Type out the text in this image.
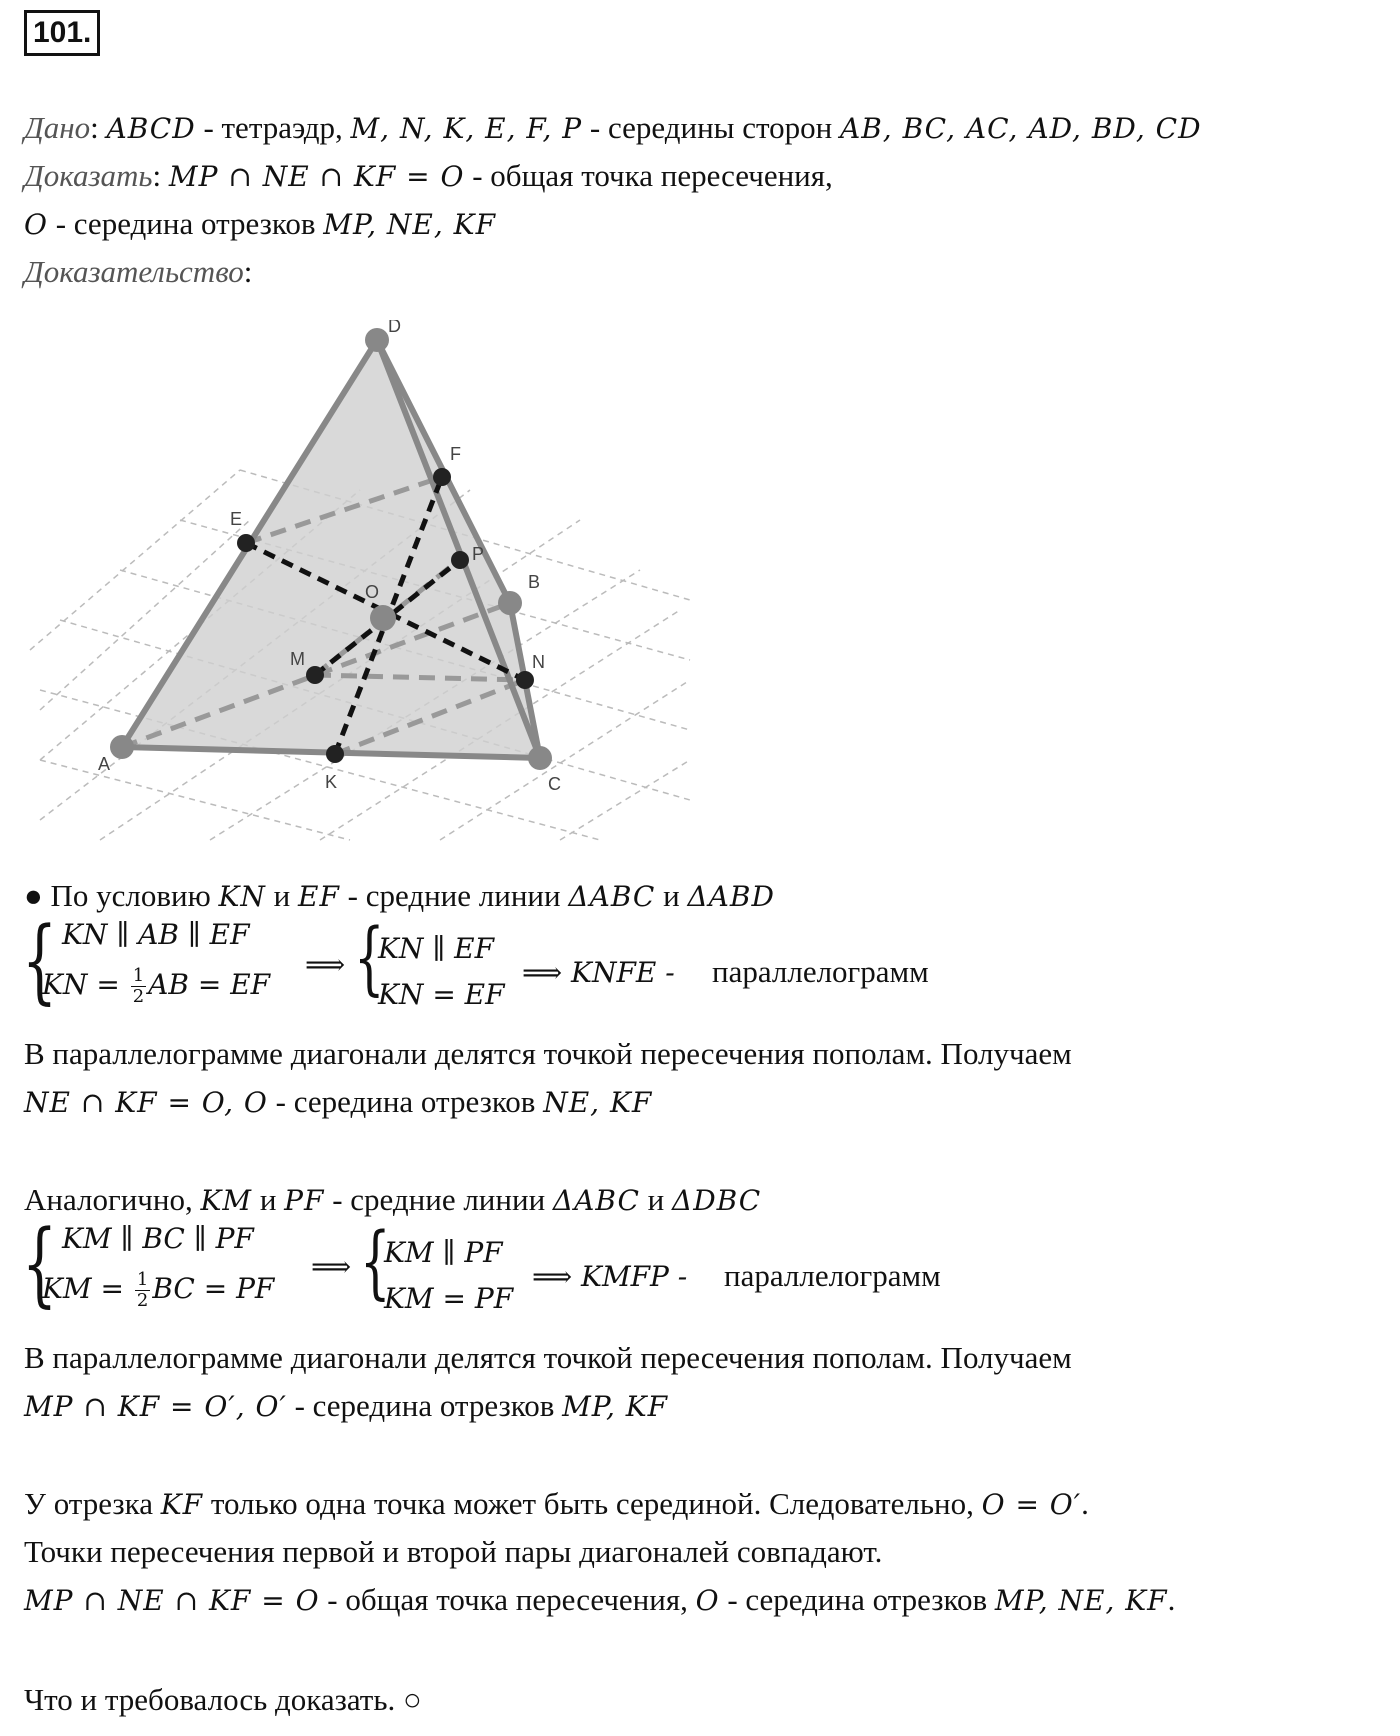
101.
Дано: ABCD - тетраэдр, M, N, K, E, F, P - середины сторон AB, BC, AC, AD, BD, CD
Доказать: MP ∩ NE ∩ KF = O - общая точка пересечения,
O - середина отрезков MP, NE, KF
Доказательство:
D
F
E
P
B
O
M	N
A
K	C
● По условию KN и EF - средние линии ΔABC и ΔABD
{ KN ∥ AB ∥ EF
KN = $\frac{1}{2}$ AB = EF
⟹ {
KN ∥ EF
KN = EF
⟹ KNFE - параллелограмм
В параллелограмме диагонали делятся точкой пересечения пополам. Получаем
NE ∩ KF = O, O - середина отрезков NE, KF
Аналогично, KM и PF - средние линии ΔABC и ΔDBC
{ KM ∥ BC ∥ PF
KM = $\frac{1}{2}$ BC = PF
⟹ {
KM ∥ PF
KM = PF
⟹ KMFP - параллелограмм
В параллелограмме диагонали делятся точкой пересечения пополам. Получаем
MP ∩ KF = O′, O′ - середина отрезков MP, KF
У отрезка KF только одна точка может быть серединой. Следовательно, O = O′.
Точки пересечения первой и второй пары диагоналей совпадают.
MP ∩ NE ∩ KF = O - общая точка пересечения, O - середина отрезков MP, NE, KF.
Что и требовалось доказать. ○
